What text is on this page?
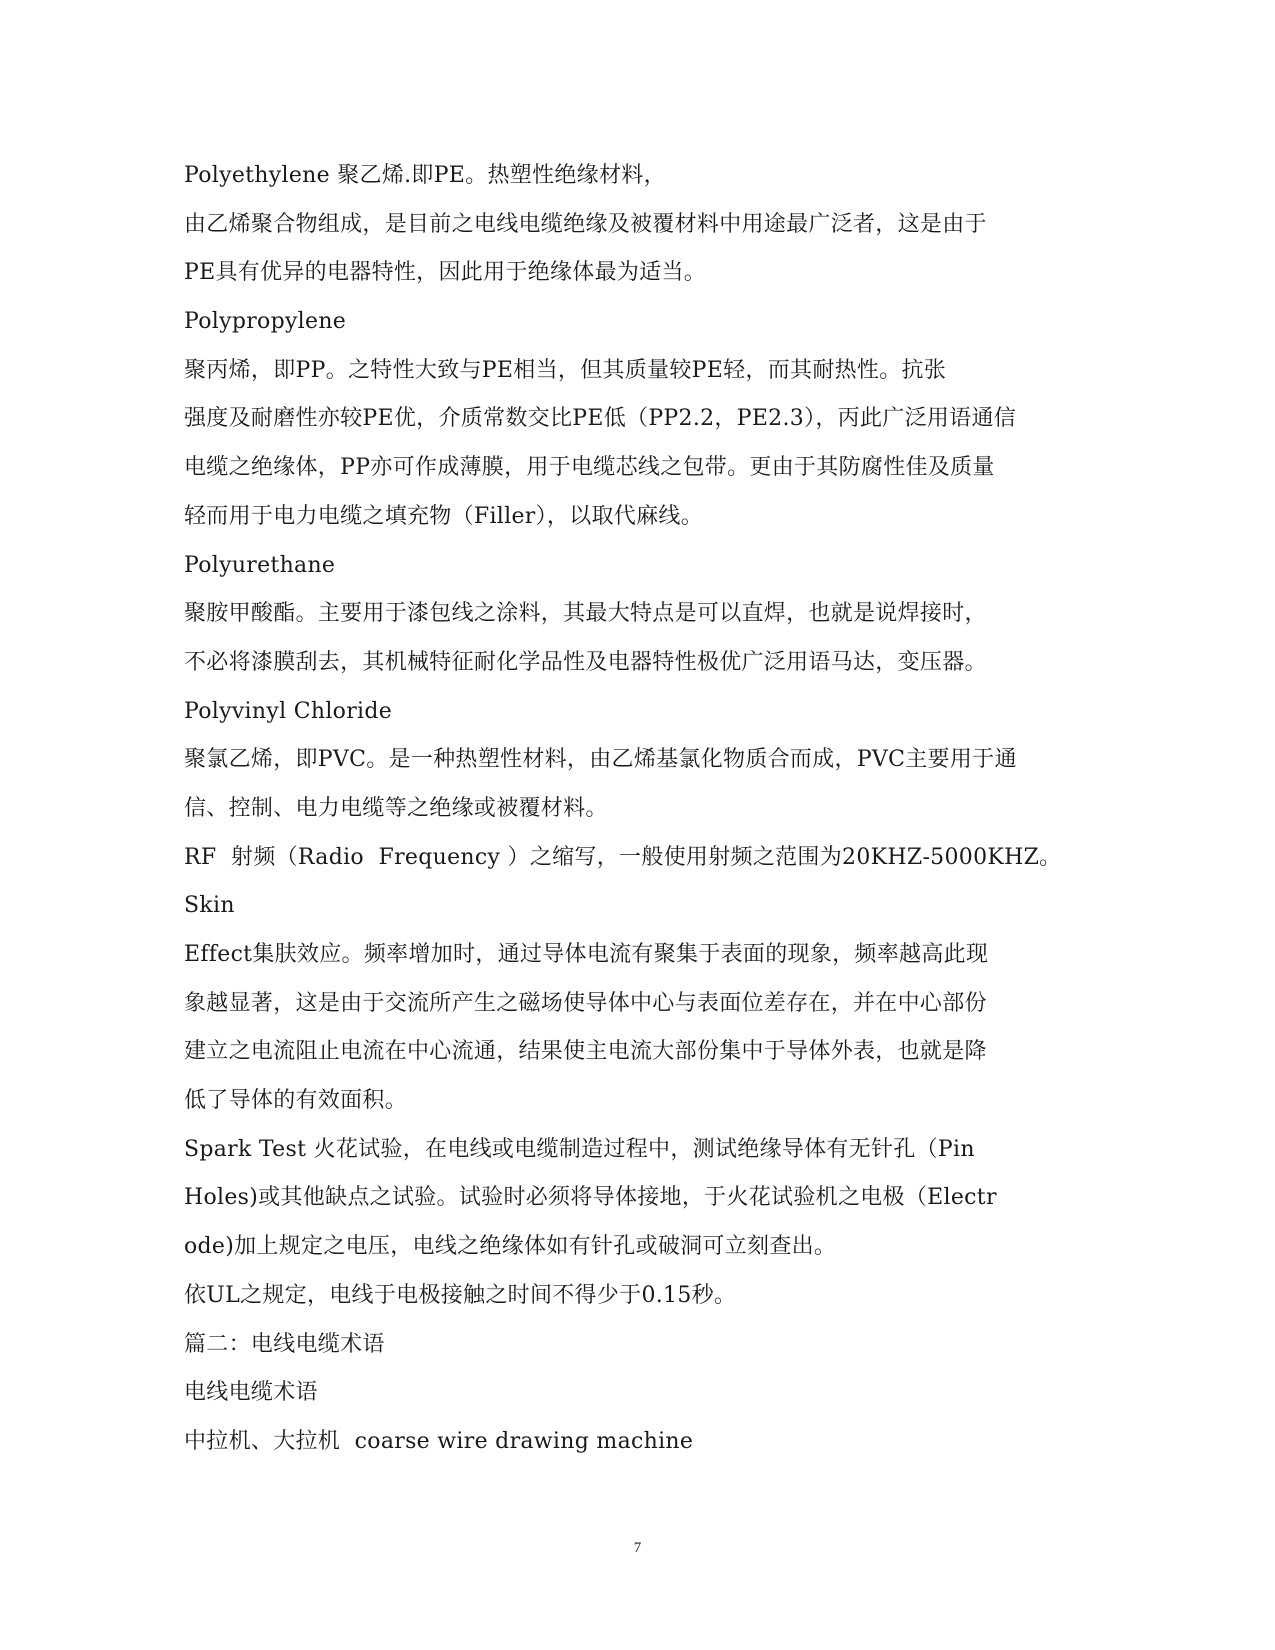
Polyethylene 聚乙烯.即PE。热塑性绝缘材料，
由乙烯聚合物组成，是目前之电线电缆绝缘及被覆材料中用途最广泛者，这是由于
PE具有优异的电器特性，因此用于绝缘体最为适当。
Polypropylene
聚丙烯，即PP。之特性大致与PE相当，但其质量较PE轻，而其耐热性。抗张
强度及耐磨性亦较PE优，介质常数交比PE低（PP2.2，PE2.3），丙此广泛用语通信
电缆之绝缘体，PP亦可作成薄膜，用于电缆芯线之包带。更由于其防腐性佳及质量
轻而用于电力电缆之填充物（Filler），以取代麻线。
Polyurethane
聚胺甲酸酯。主要用于漆包线之涂料，其最大特点是可以直焊，也就是说焊接时，
不必将漆膜刮去，其机械特征耐化学品性及电器特性极优广泛用语马达，变压器。
Polyvinyl Chloride
聚氯乙烯，即PVC。是一种热塑性材料，由乙烯基氯化物质合而成，PVC主要用于通
信、控制、电力电缆等之绝缘或被覆材料。
RF  射频（Radio  Frequency ）之缩写，一般使用射频之范围为20KHZ-5000KHZ。
Skin
Effect集肤效应。频率增加时，通过导体电流有聚集于表面的现象，频率越高此现
象越显著，这是由于交流所产生之磁场使导体中心与表面位差存在，并在中心部份
建立之电流阻止电流在中心流通，结果使主电流大部份集中于导体外表，也就是降
低了导体的有效面积。
Spark Test 火花试验，在电线或电缆制造过程中，测试绝缘导体有无针孔（Pin
Holes)或其他缺点之试验。试验时必须将导体接地，于火花试验机之电极（Electr
ode)加上规定之电压，电线之绝缘体如有针孔或破洞可立刻查出。
依UL之规定，电线于电极接触之时间不得少于0.15秒。
篇二：电线电缆术语
电线电缆术语
中拉机、大拉机  coarse wire drawing machine
7
